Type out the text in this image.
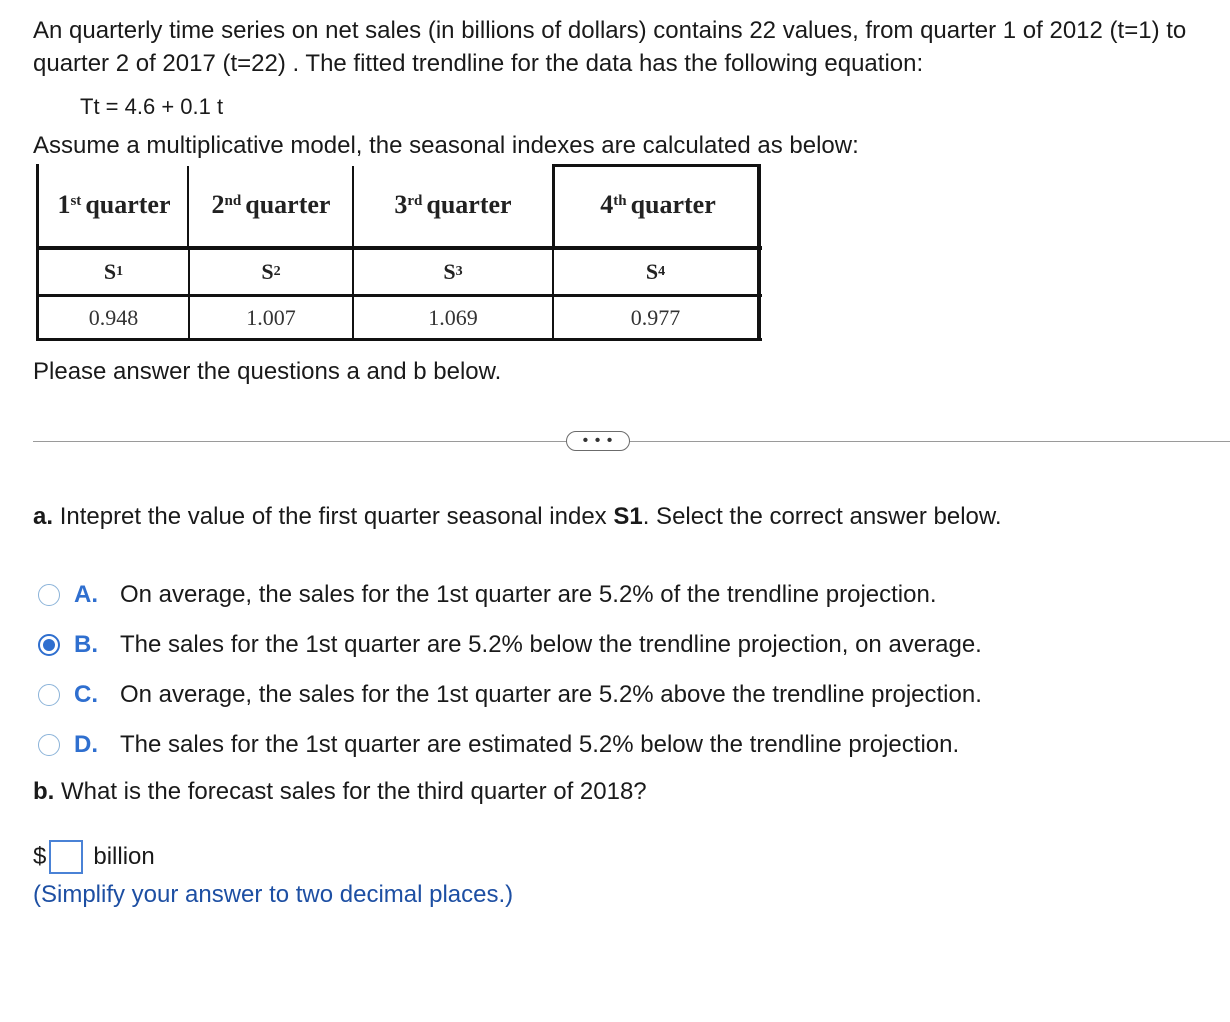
An quarterly time series on net sales (in billions of dollars) contains 22 values, from quarter 1 of 2012 (t=1) to quarter 2 of 2017 (t=22) . The fitted trendline for the data has the following equation:
Tt = 4.6 + 0.1 t
Assume a multiplicative model, the seasonal indexes are calculated as below:
1st quarter 2nd quarter 3rd quarter	4th quarter
S 1	S 2	S 3	S 4
0.948	1.007	1.069	0.977
Please answer the questions a and b below.
• • •
a. Intepret the value of the first quarter seasonal index S1. Select the correct answer below.
A. On average, the sales for the 1st quarter are 5.2% of the trendline projection.
B. The sales for the 1st quarter are 5.2% below the trendline projection, on average.
C. On average, the sales for the 1st quarter are 5.2% above the trendline projection.
D. The sales for the 1st quarter are estimated 5.2% below the trendline projection.
b. What is the forecast sales for the third quarter of 2018?
$ billion
(Simplify your answer to two decimal places.)
